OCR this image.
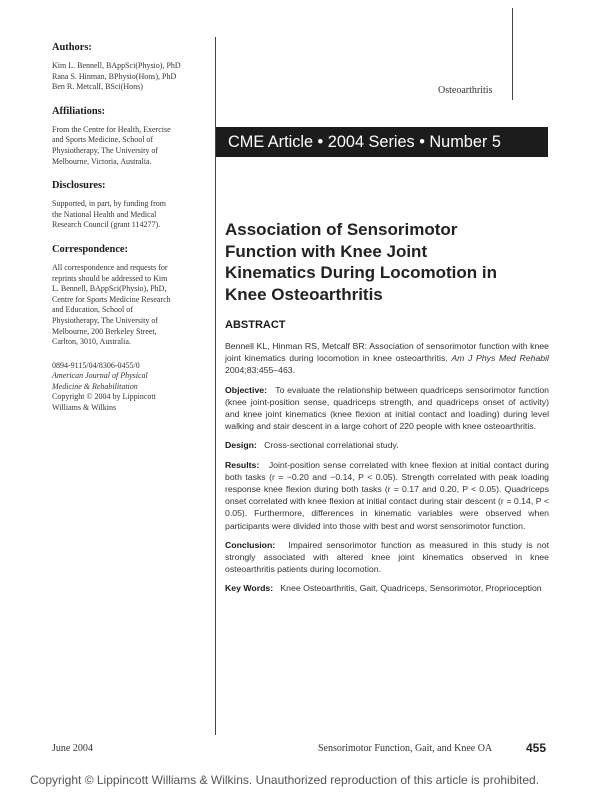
Authors:

Kim L. Bennell, BAppSci(Physio), PhD
Rana S. Hinman, BPhysio(Hons), PhD
Ben R. Metcalf, BSci(Hons)

Affiliations:

From the Centre for Health, Exercise
and Sports Medicine, School of
Physiotherapy, The University of
Melbourne, Victoria, Australia.

Disclosures:

Supported, in part, by funding from
the National Health and Medical
Research Council (grant 114277).

Correspondence:

All correspondence and requests for
reprints should be addressed to Kim
L. Bennell, BAppSci(Physio), PhD,
Centre for Sports Medicine Research
and Education, School of
Physiotherapy, The University of
Melbourne, 200 Berkeley Street,
Carlton, 3010, Australia.

0894-9115/04/8306-0455/0
American Journal of Physical
Medicine & Rehabilitation
Copyright © 2004 by Lippincott
Williams & Wilkins

Osteoarthritis
CME Article • 2004 Series • Number 5
Association of Sensorimotor
Function with Knee Joint
Kinematics During Locomotion in
Knee Osteoarthritis

ABSTRACT

Bennell KL, Hinman RS, Metcalf BR: Association of sensorimotor function with knee joint kinematics during locomotion in knee osteoarthritis. Am J Phys Med Rehabil 2004;83:455–463.

Objective: To evaluate the relationship between quadriceps sensorimotor function (knee joint-position sense, quadriceps strength, and quadriceps onset of activity) and knee joint kinematics (knee flexion at initial contact and loading) during level walking and stair descent in a large cohort of 220 people with knee osteoarthritis.

Design: Cross-sectional correlational study.

Results: Joint-position sense correlated with knee flexion at initial contact during both tasks (r = −0.20 and −0.14, P < 0.05). Strength correlated with peak loading response knee flexion during both tasks (r = 0.17 and 0.20, P < 0.05). Quadriceps onset correlated with knee flexion at initial contact during stair descent (r = 0.14, P < 0.05). Furthermore, differences in kinematic variables were observed when participants were divided into those with best and worst sensorimotor function.

Conclusion: Impaired sensorimotor function as measured in this study is not strongly associated with altered knee joint kinematics observed in knee osteoarthritis patients during locomotion.

Key Words: Knee Osteoarthritis, Gait, Quadriceps, Sensorimotor, Proprioception

June 2004	Sensorimotor Function, Gait, and Knee OA	455
Copyright © Lippincott Williams & Wilkins. Unauthorized reproduction of this article is prohibited.
